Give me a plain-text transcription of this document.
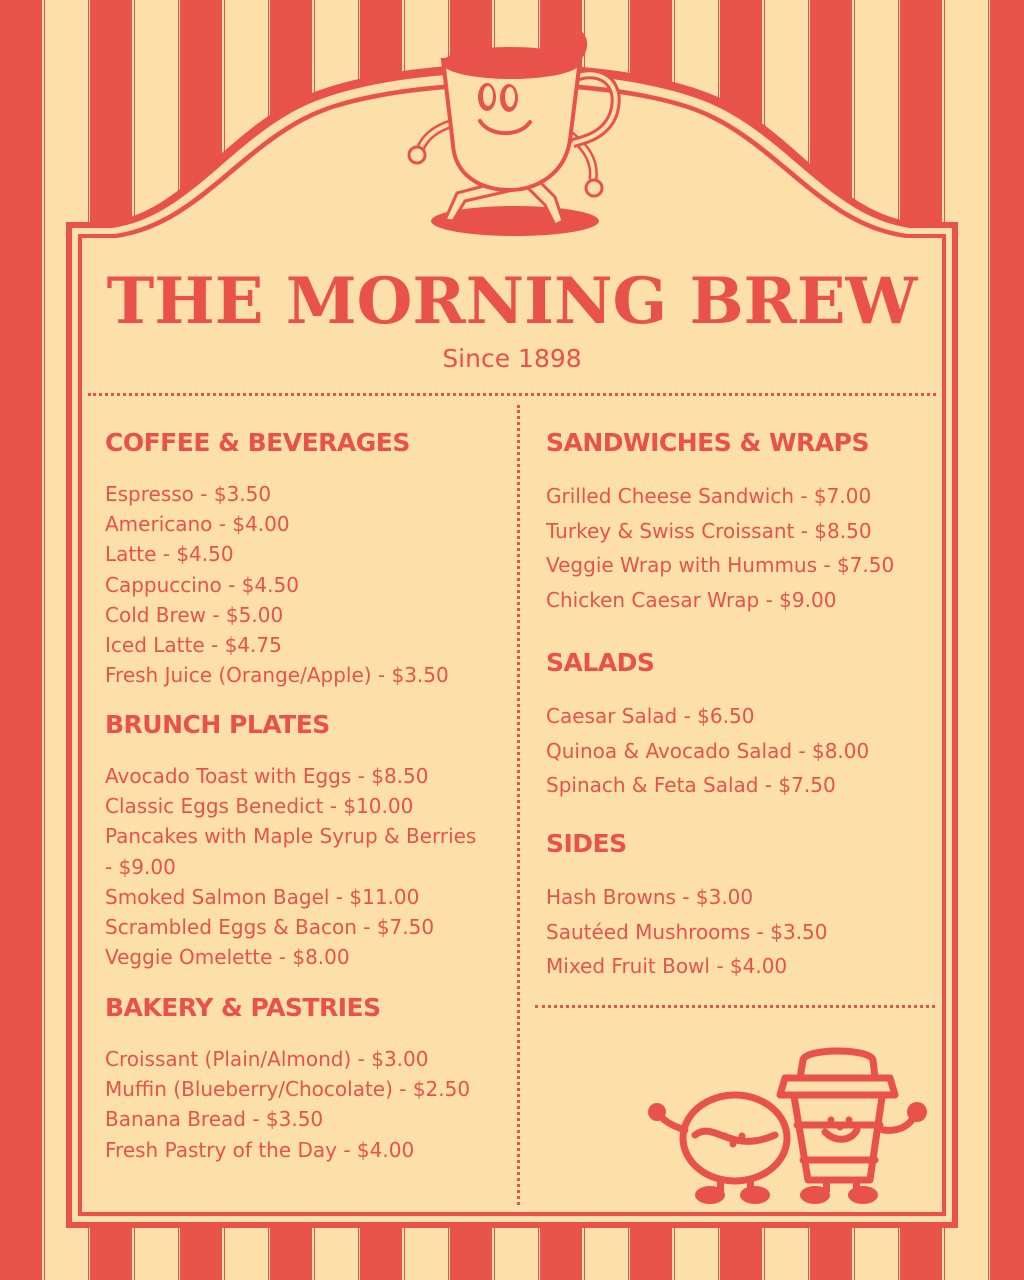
THE MORNING BREW
Since 1898
COFFEE & BEVERAGES
Espresso - $3.50
Americano - $4.00
Latte - $4.50
Cappuccino - $4.50
Cold Brew - $5.00
Iced Latte - $4.75
Fresh Juice (Orange/Apple) - $3.50
BRUNCH PLATES
Avocado Toast with Eggs - $8.50
Classic Eggs Benedict - $10.00
Pancakes with Maple Syrup & Berries - $9.00
Smoked Salmon Bagel - $11.00
Scrambled Eggs & Bacon - $7.50
Veggie Omelette - $8.00
BAKERY & PASTRIES
Croissant (Plain/Almond) - $3.00
Muffin (Blueberry/Chocolate) - $2.50
Banana Bread - $3.50
Fresh Pastry of the Day - $4.00
SANDWICHES & WRAPS
Grilled Cheese Sandwich - $7.00
Turkey & Swiss Croissant - $8.50
Veggie Wrap with Hummus - $7.50
Chicken Caesar Wrap - $9.00
SALADS
Caesar Salad - $6.50
Quinoa & Avocado Salad - $8.00
Spinach & Feta Salad - $7.50
SIDES
Hash Browns - $3.00
Sautéed Mushrooms - $3.50
Mixed Fruit Bowl - $4.00
